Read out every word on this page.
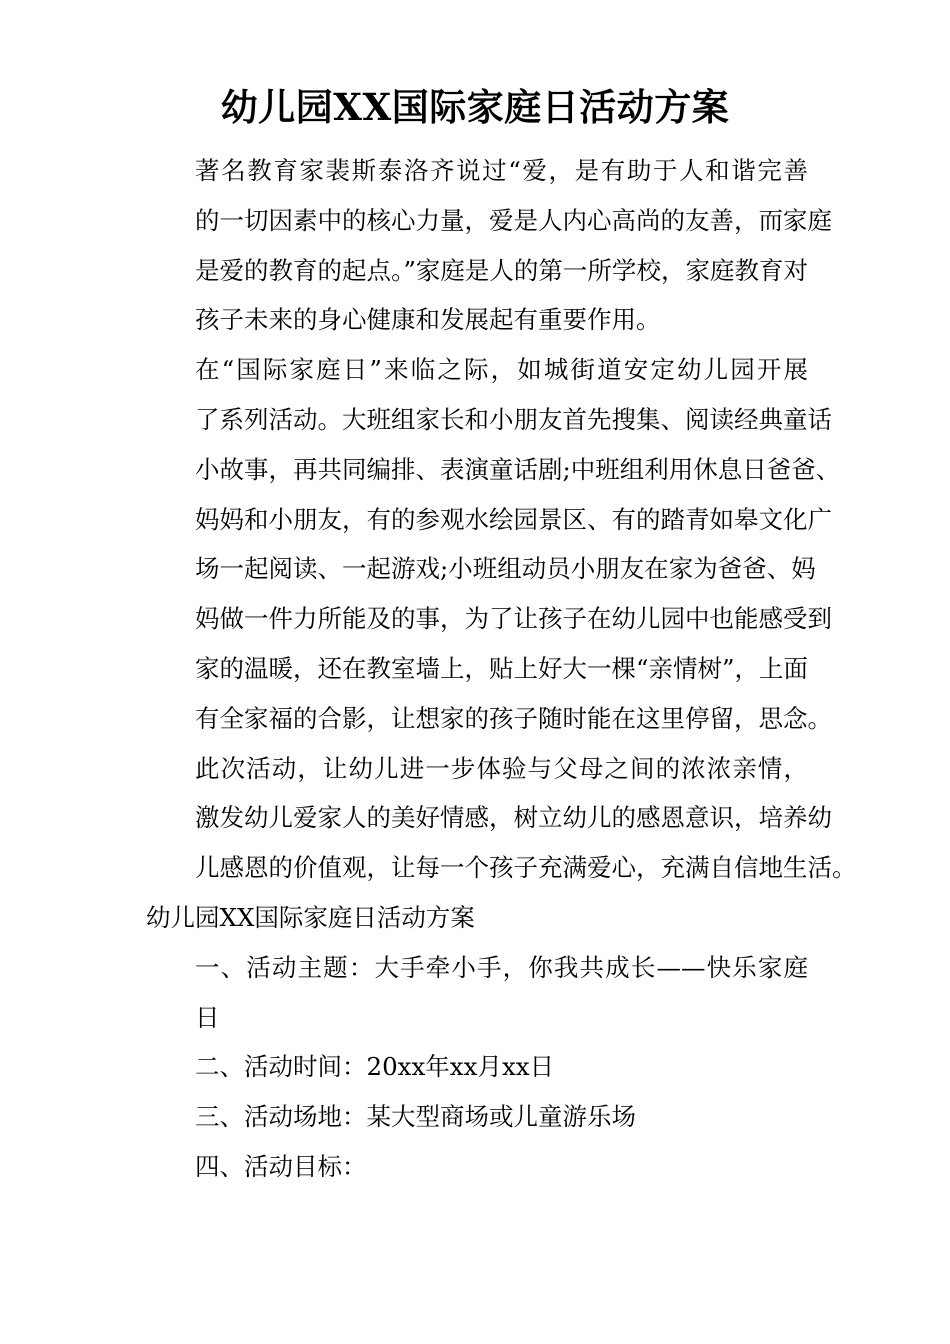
幼儿园XX国际家庭日活动方案

著名教育家裴斯泰洛齐说过“爱，是有助于人和谐完善
的一切因素中的核心力量，爱是人内心高尚的友善，而家庭
是爱的教育的起点。”家庭是人的第一所学校，家庭教育对
孩子未来的身心健康和发展起有重要作用。

在“国际家庭日”来临之际，如城街道安定幼儿园开展
了系列活动。大班组家长和小朋友首先搜集、阅读经典童话
小故事，再共同编排、表演童话剧;中班组利用休息日爸爸、
妈妈和小朋友，有的参观水绘园景区、有的踏青如皋文化广
场一起阅读、一起游戏;小班组动员小朋友在家为爸爸、妈
妈做一件力所能及的事，为了让孩子在幼儿园中也能感受到
家的温暖，还在教室墙上，贴上好大一棵“亲情树”，上面
有全家福的合影，让想家的孩子随时能在这里停留，思念。

此次活动，让幼儿进一步体验与父母之间的浓浓亲情，
激发幼儿爱家人的美好情感，树立幼儿的感恩意识，培养幼
儿感恩的价值观，让每一个孩子充满爱心，充满自信地生活。

幼儿园XX国际家庭日活动方案

一、活动主题：大手牵小手，你我共成长——快乐家庭
日

二、活动时间：20xx年xx月xx日

三、活动场地：某大型商场或儿童游乐场

四、活动目标：
